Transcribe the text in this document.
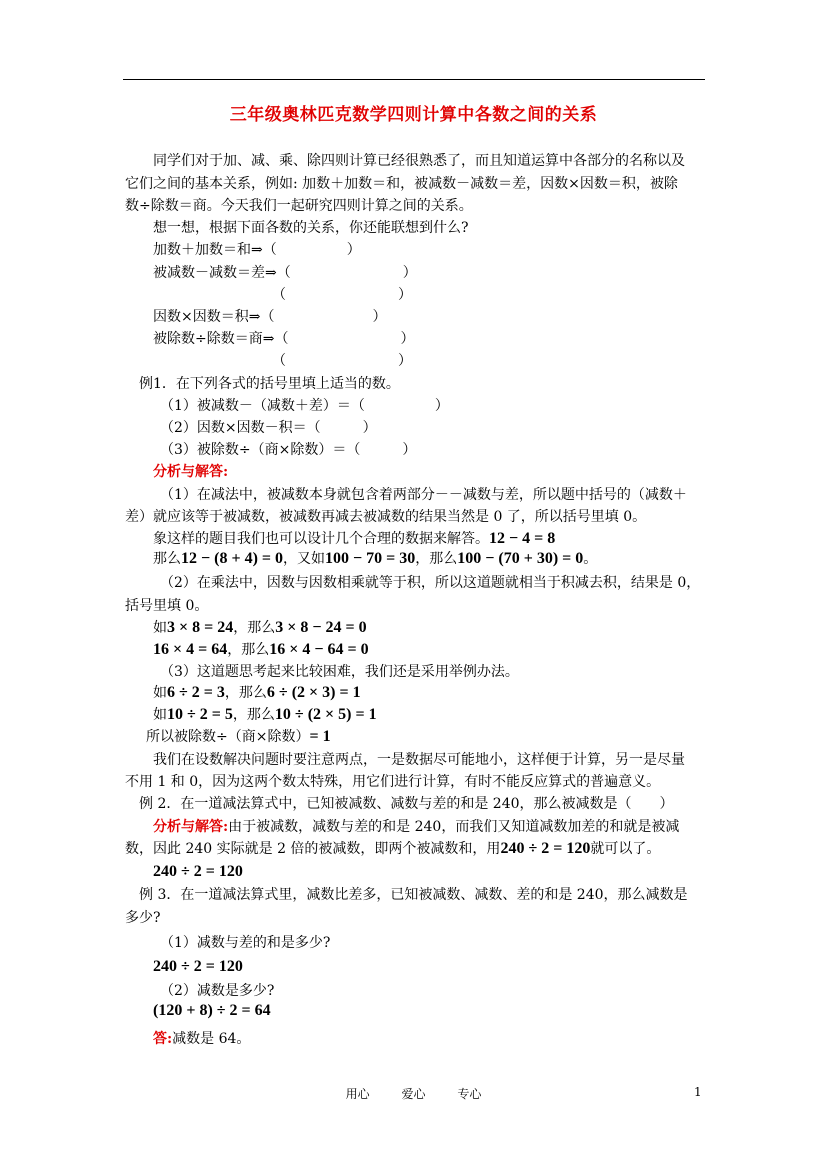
三年级奥林匹克数学四则计算中各数之间的关系
同学们对于加、减、乘、除四则计算已经很熟悉了，而且知道运算中各部分的名称以及
它们之间的基本关系，例如: 加数＋加数＝和，被减数－减数＝差，因数×因数＝积，被除
数÷除数＝商。今天我们一起研究四则计算之间的关系。
想一想，根据下面各数的关系，你还能联想到什么?
加数＋加数＝和⇒（　　　　　）
被减数－减数＝差⇒（　　　　　　　　）
　　　　　　　　　（　　　　　　　　）
因数×因数＝积⇒（　　　　　　　）
被除数÷除数＝商⇒（　　　　　　　　）
　　　　　　　　　（　　　　　　　　）
例1．在下列各式的括号里填上适当的数。
（1）被减数－（减数＋差）＝（　　　　　）
（2）因数×因数－积＝（　　　）
（3）被除数÷（商×除数）＝（　　　）
分析与解答:
（1）在减法中，被减数本身就包含着两部分－－减数与差，所以题中括号的（减数＋
差）就应该等于被减数，被减数再减去被减数的结果当然是 0 了，所以括号里填 0。
象这样的题目我们也可以设计几个合理的数据来解答。12 − 4 = 8
那么12 − (8 + 4) = 0，又如100 − 70 = 30，那么100 − (70 + 30) = 0。
（2）在乘法中，因数与因数相乘就等于积，所以这道题就相当于积减去积，结果是 0，
括号里填 0。
如3 × 8 = 24，那么3 × 8 − 24 = 0
16 × 4 = 64，那么16 × 4 − 64 = 0
（3）这道题思考起来比较困难，我们还是采用举例办法。
如6 ÷ 2 = 3，那么6 ÷ (2 × 3) = 1
如10 ÷ 2 = 5，那么10 ÷ (2 × 5) = 1
所以被除数÷（商×除数）= 1
我们在设数解决问题时要注意两点，一是数据尽可能地小，这样便于计算，另一是尽量
不用 1 和 0，因为这两个数太特殊，用它们进行计算，有时不能反应算式的普遍意义。
例 2．在一道减法算式中，已知被减数、减数与差的和是 240，那么被减数是（　　）
分析与解答:由于被减数，减数与差的和是 240，而我们又知道减数加差的和就是被减
数，因此 240 实际就是 2 倍的被减数，即两个被减数和，用240 ÷ 2 = 120就可以了。
240 ÷ 2 = 120
例 3．在一道减法算式里，减数比差多，已知被减数、减数、差的和是 240，那么减数是
多少?
（1）减数与差的和是多少?
240 ÷ 2 = 120
（2）减数是多少?
(120 + 8) ÷ 2 = 64
答:减数是 64。
用心	爱心	专心	1
